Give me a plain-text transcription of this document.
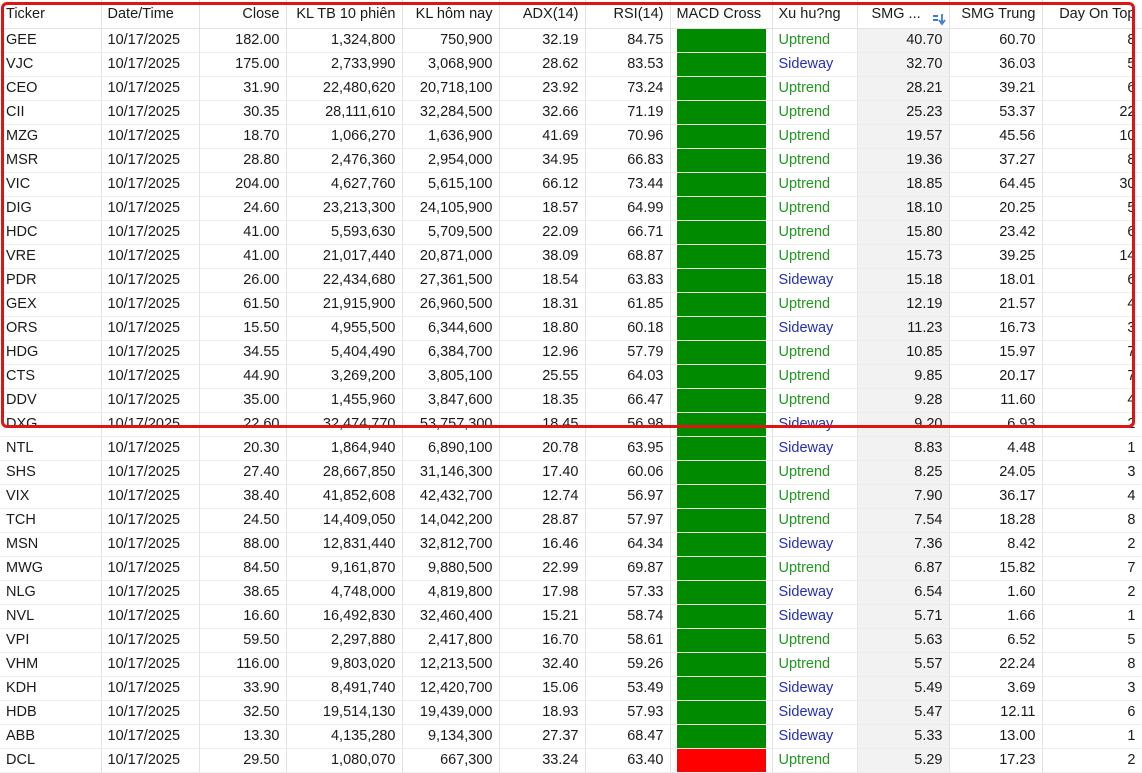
Ticker	Date/Time	Close	KL TB 10 phiên	KL hôm nay	ADX(14)	RSI(14)	MACD Cross	Xu hu?ng	SMG ...	SMG Trung	Day On Top
GEE	10/17/2025	182.00	1,324,800	750,900	32.19	84.75		Uptrend	40.70	60.70	8
VJC	10/17/2025	175.00	2,733,990	3,068,900	28.62	83.53		Sideway	32.70	36.03	5
CEO	10/17/2025	31.90	22,480,620	20,718,100	23.92	73.24		Uptrend	28.21	39.21	6
CII	10/17/2025	30.35	28,111,610	32,284,500	32.66	71.19		Uptrend	25.23	53.37	22
MZG	10/17/2025	18.70	1,066,270	1,636,900	41.69	70.96		Uptrend	19.57	45.56	10
MSR	10/17/2025	28.80	2,476,360	2,954,000	34.95	66.83		Uptrend	19.36	37.27	8
VIC	10/17/2025	204.00	4,627,760	5,615,100	66.12	73.44		Uptrend	18.85	64.45	30
DIG	10/17/2025	24.60	23,213,300	24,105,900	18.57	64.99		Uptrend	18.10	20.25	5
HDC	10/17/2025	41.00	5,593,630	5,709,500	22.09	66.71		Uptrend	15.80	23.42	6
VRE	10/17/2025	41.00	21,017,440	20,871,000	38.09	68.87		Uptrend	15.73	39.25	14
PDR	10/17/2025	26.00	22,434,680	27,361,500	18.54	63.83		Sideway	15.18	18.01	6
GEX	10/17/2025	61.50	21,915,900	26,960,500	18.31	61.85		Uptrend	12.19	21.57	4
ORS	10/17/2025	15.50	4,955,500	6,344,600	18.80	60.18		Sideway	11.23	16.73	3
HDG	10/17/2025	34.55	5,404,490	6,384,700	12.96	57.79		Uptrend	10.85	15.97	7
CTS	10/17/2025	44.90	3,269,200	3,805,100	25.55	64.03		Uptrend	9.85	20.17	7
DDV	10/17/2025	35.00	1,455,960	3,847,600	18.35	66.47		Uptrend	9.28	11.60	4
DXG	10/17/2025	22.60	32,474,770	53,757,300	18.45	56.98		Sideway	9.20	6.93	2
NTL	10/17/2025	20.30	1,864,940	6,890,100	20.78	63.95		Sideway	8.83	4.48	1
SHS	10/17/2025	27.40	28,667,850	31,146,300	17.40	60.06		Uptrend	8.25	24.05	3
VIX	10/17/2025	38.40	41,852,608	42,432,700	12.74	56.97		Uptrend	7.90	36.17	4
TCH	10/17/2025	24.50	14,409,050	14,042,200	28.87	57.97		Uptrend	7.54	18.28	8
MSN	10/17/2025	88.00	12,831,440	32,812,700	16.46	64.34		Sideway	7.36	8.42	2
MWG	10/17/2025	84.50	9,161,870	9,880,500	22.99	69.87		Uptrend	6.87	15.82	7
NLG	10/17/2025	38.65	4,748,000	4,819,800	17.98	57.33		Sideway	6.54	1.60	2
NVL	10/17/2025	16.60	16,492,830	32,460,400	15.21	58.74		Sideway	5.71	1.66	1
VPI	10/17/2025	59.50	2,297,880	2,417,800	16.70	58.61		Uptrend	5.63	6.52	5
VHM	10/17/2025	116.00	9,803,020	12,213,500	32.40	59.26		Uptrend	5.57	22.24	8
KDH	10/17/2025	33.90	8,491,740	12,420,700	15.06	53.49		Sideway	5.49	3.69	3
HDB	10/17/2025	32.50	19,514,130	19,439,000	18.93	57.93		Sideway	5.47	12.11	6
ABB	10/17/2025	13.30	4,135,280	9,134,300	27.37	68.47		Sideway	5.33	13.00	1
DCL	10/17/2025	29.50	1,080,070	667,300	33.24	63.40		Uptrend	5.29	17.23	2
